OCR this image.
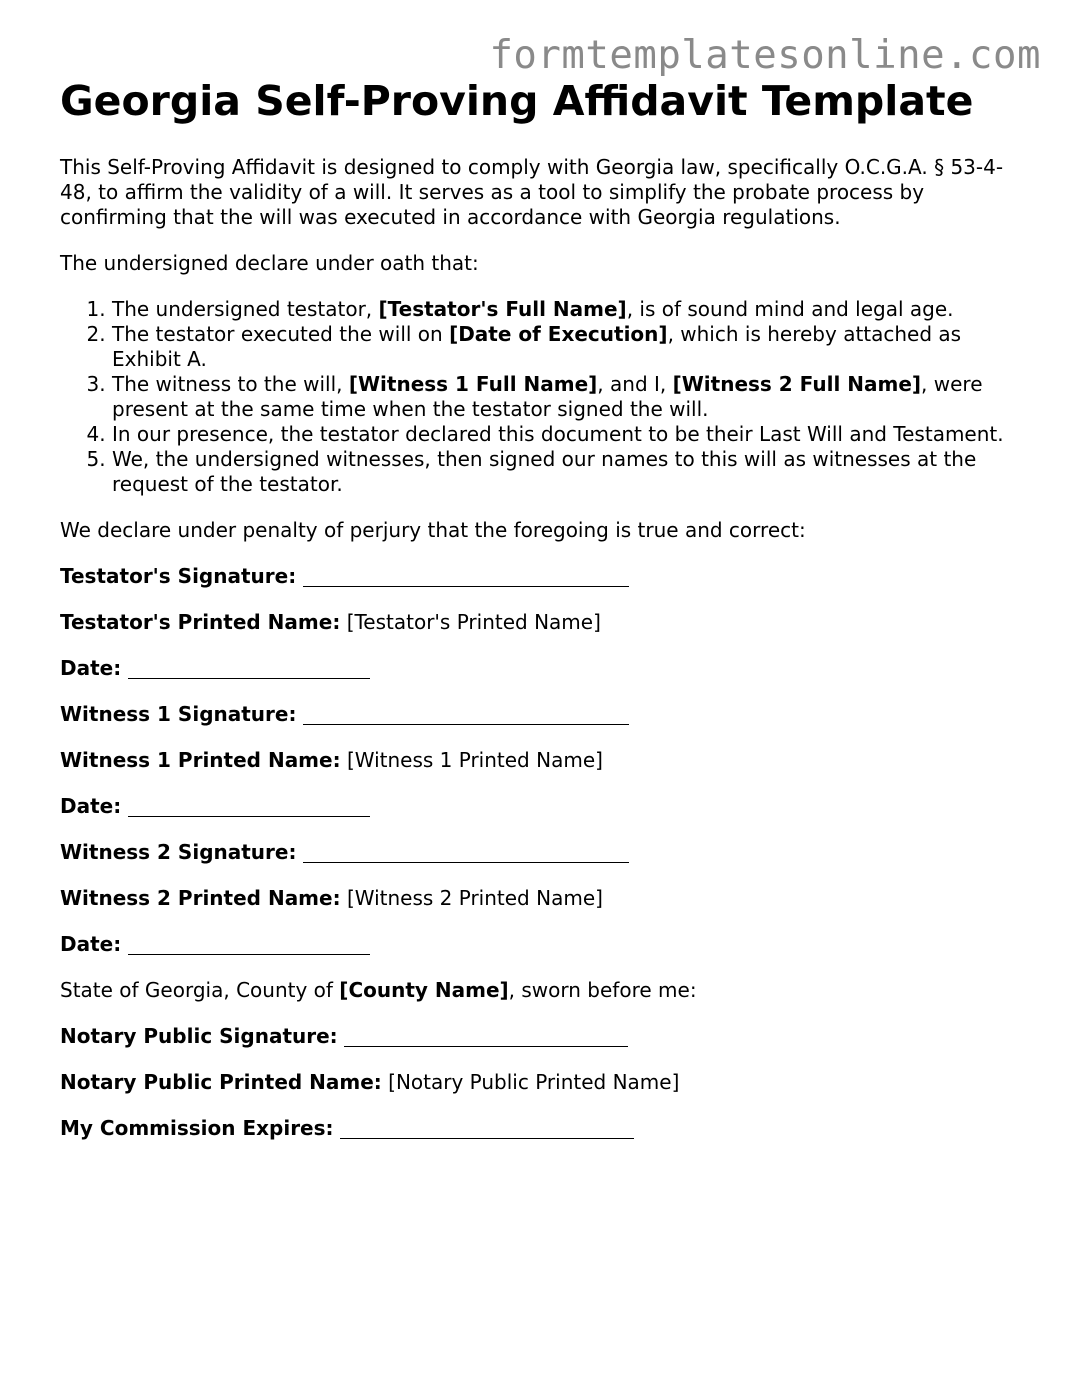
formtemplatesonline.com
Georgia Self-Proving Affidavit Template

This Self-Proving Affidavit is designed to comply with Georgia law, specifically O.C.G.A. § 53-4-48, to affirm the validity of a will. It serves as a tool to simplify the probate process by confirming that the will was executed in accordance with Georgia regulations.

The undersigned declare under oath that:

1. The undersigned testator, [Testator's Full Name], is of sound mind and legal age.
2. The testator executed the will on [Date of Execution], which is hereby attached as Exhibit A.
3. The witness to the will, [Witness 1 Full Name], and I, [Witness 2 Full Name], were present at the same time when the testator signed the will.
4. In our presence, the testator declared this document to be their Last Will and Testament.
5. We, the undersigned witnesses, then signed our names to this will as witnesses at the request of the testator.

We declare under penalty of perjury that the foregoing is true and correct:

Testator's Signature:

Testator's Printed Name: [Testator's Printed Name]

Date:

Witness 1 Signature:

Witness 1 Printed Name: [Witness 1 Printed Name]

Date:

Witness 2 Signature:

Witness 2 Printed Name: [Witness 2 Printed Name]

Date:

State of Georgia, County of [County Name], sworn before me:

Notary Public Signature:

Notary Public Printed Name: [Notary Public Printed Name]

My Commission Expires:
